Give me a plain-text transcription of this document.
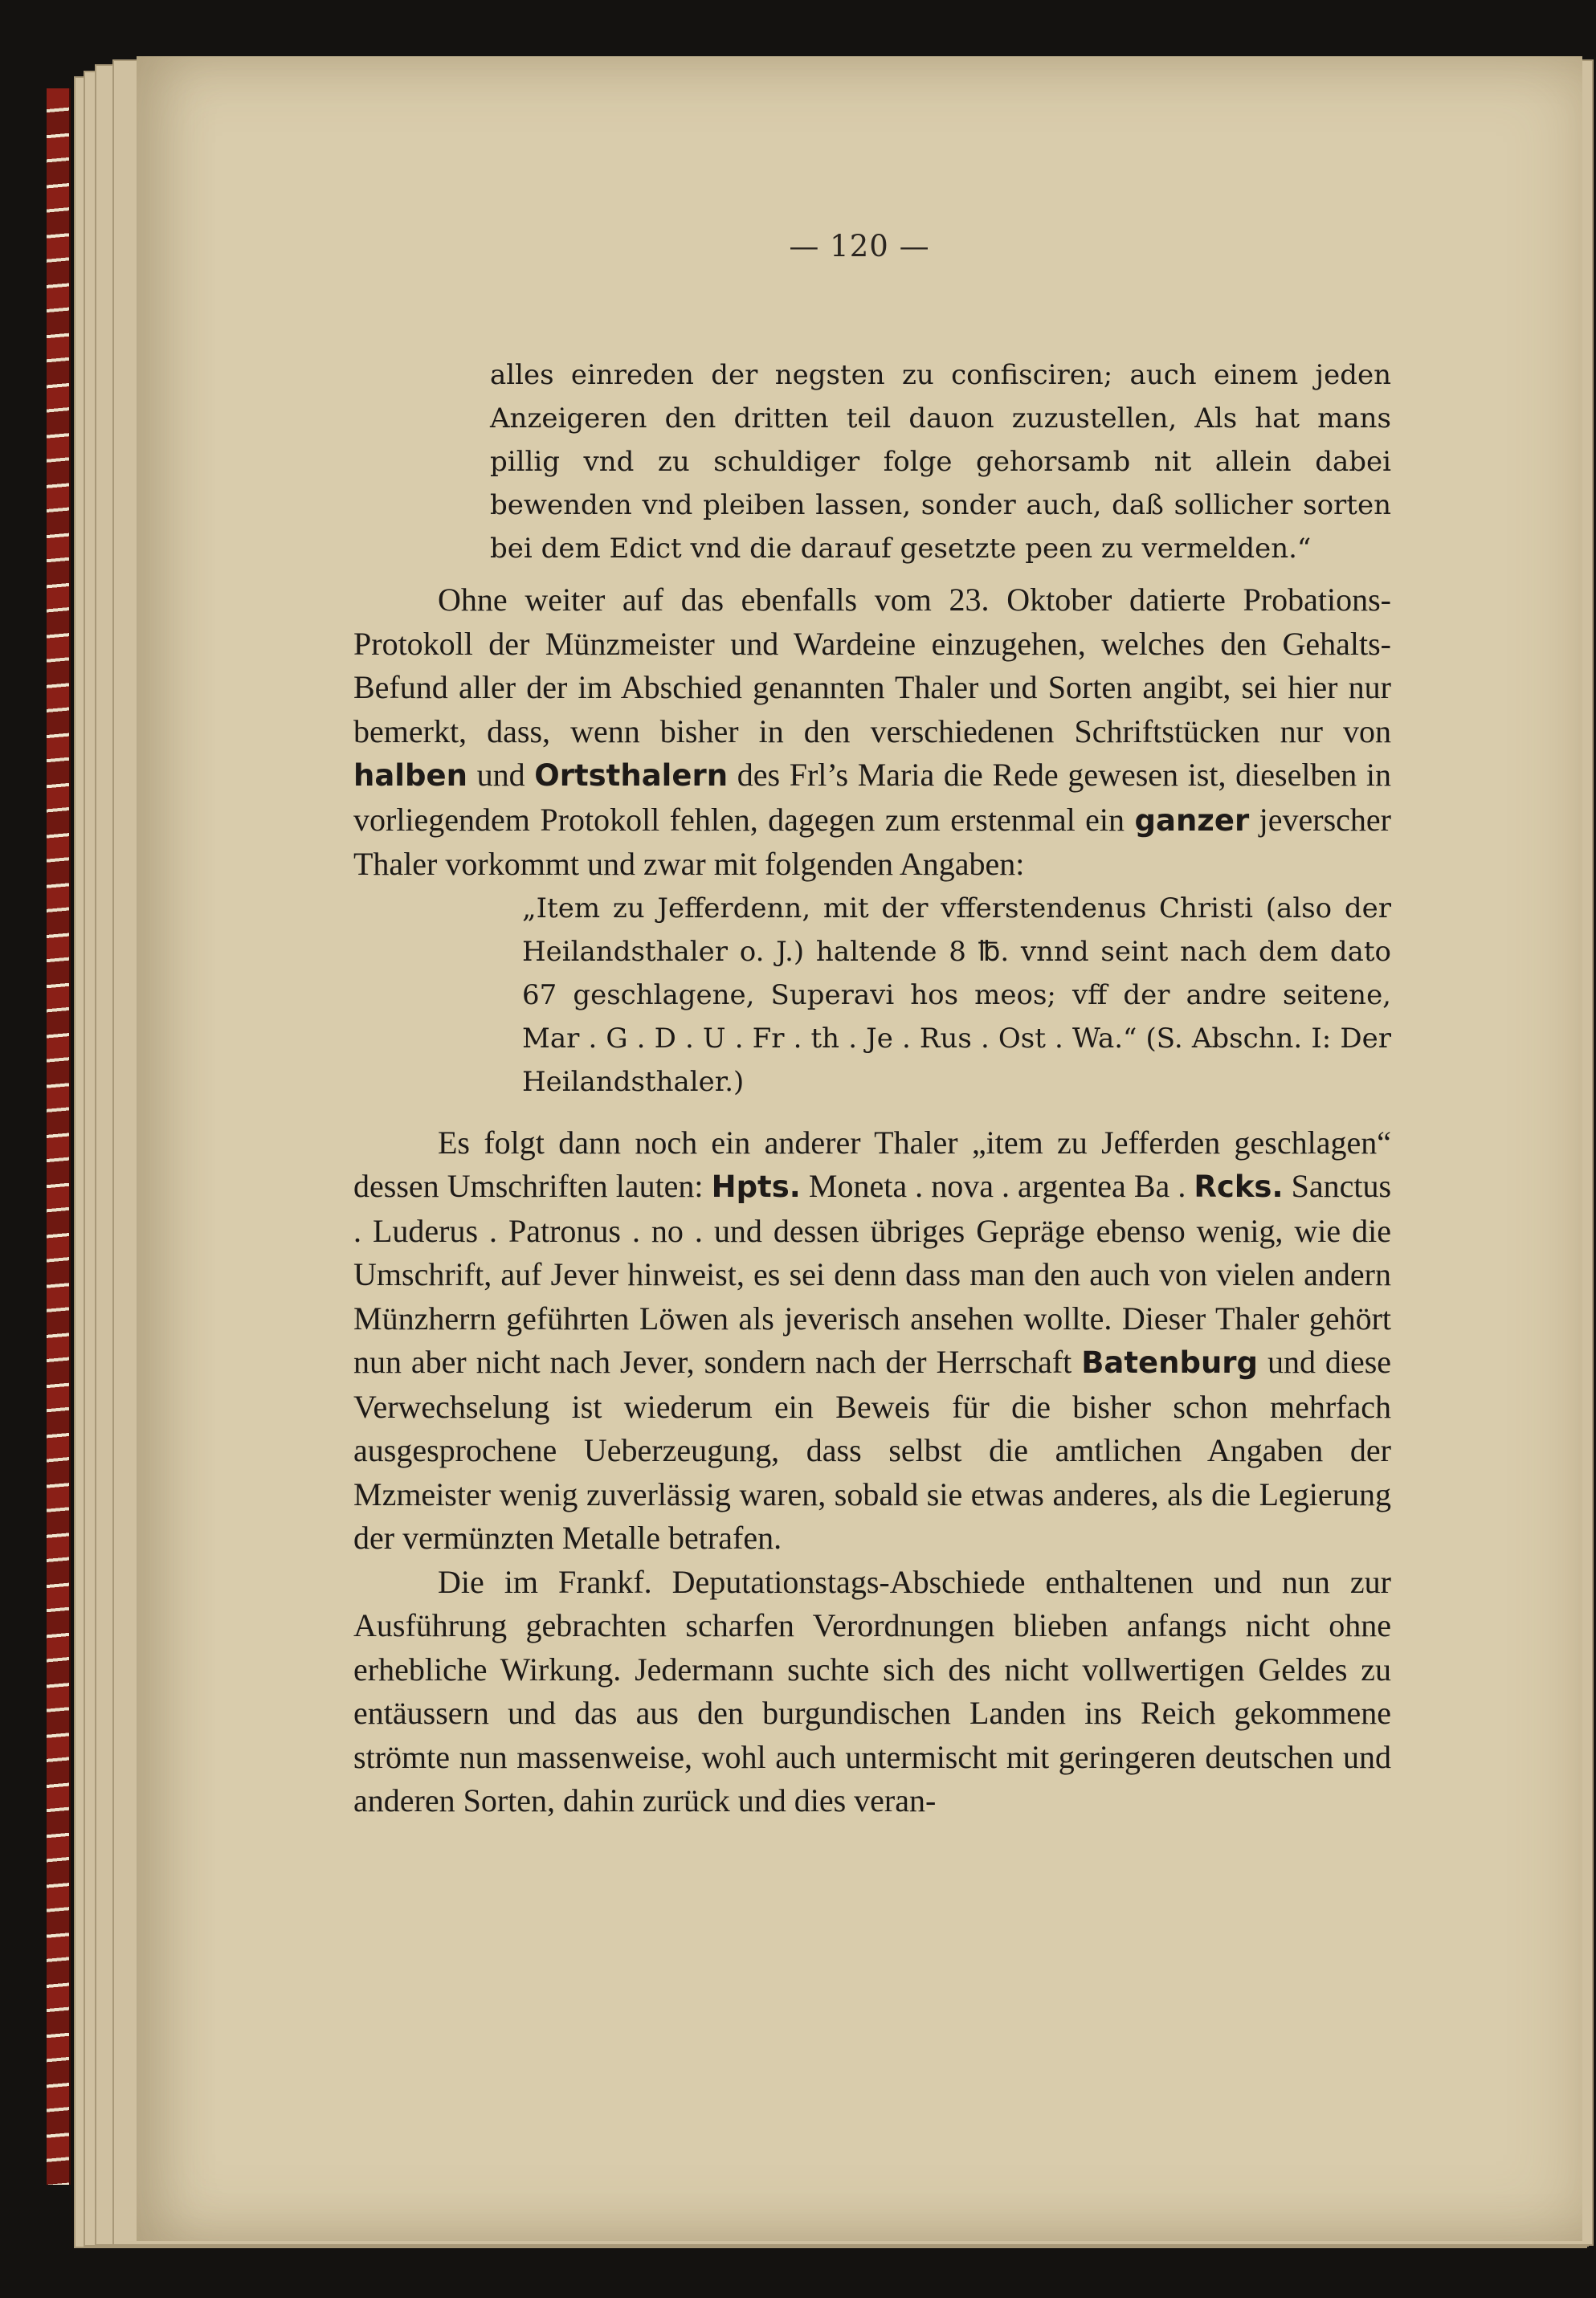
— 120 —

alles einreden der negsten zu confisciren; auch einem jeden Anzeigeren den dritten teil dauon zuzustellen, Als hat mans pillig vnd zu schuldiger folge gehorsamb nit allein dabei bewenden vnd pleiben lassen, sonder auch, daß sollicher sorten bei dem Edict vnd die darauf gesetzte peen zu vermelden.“

Ohne weiter auf das ebenfalls vom 23. Oktober datierte Probations-Protokoll der Münzmeister und Wardeine einzugehen, welches den Gehalts-Befund aller der im Abschied genannten Thaler und Sorten angibt, sei hier nur bemerkt, dass, wenn bisher in den verschiedenen Schriftstücken nur von halben und Ortsthalern des Frl’s Maria die Rede gewesen ist, dieselben in vorliegendem Protokoll fehlen, dagegen zum erstenmal ein ganzer jeverscher Thaler vorkommt und zwar mit folgenden Angaben:

„Item zu Jefferdenn, mit der vfferstendenus Christi (also der Heilandsthaler o. J.) haltende 8 ℔. vnnd seint nach dem dato 67 geschlagene, Superavi hos meos; vff der andre seitene, Mar . G . D . U . Fr . th . Je . Rus . Ost . Wa.“ (S. Abschn. I: Der Heilandsthaler.)

Es folgt dann noch ein anderer Thaler „item zu Jefferden geschlagen“ dessen Umschriften lauten: Hpts. Moneta . nova . argentea Ba . Rcks. Sanctus . Luderus . Patronus . no . und dessen übriges Gepräge ebenso wenig, wie die Umschrift, auf Jever hinweist, es sei denn dass man den auch von vielen andern Münzherrn geführten Löwen als jeverisch ansehen wollte. Dieser Thaler gehört nun aber nicht nach Jever, sondern nach der Herrschaft Batenburg und diese Verwechselung ist wiederum ein Beweis für die bisher schon mehrfach ausgesprochene Ueberzeugung, dass selbst die amtlichen Angaben der Mzmeister wenig zuverlässig waren, sobald sie etwas anderes, als die Legierung der vermünzten Metalle betrafen.

Die im Frankf. Deputationstags-Abschiede enthaltenen und nun zur Ausführung gebrachten scharfen Verordnungen blieben anfangs nicht ohne erhebliche Wirkung. Jedermann suchte sich des nicht vollwertigen Geldes zu entäussern und das aus den burgundischen Landen ins Reich gekommene strömte nun massenweise, wohl auch untermischt mit geringeren deutschen und anderen Sorten, dahin zurück und dies veran-
